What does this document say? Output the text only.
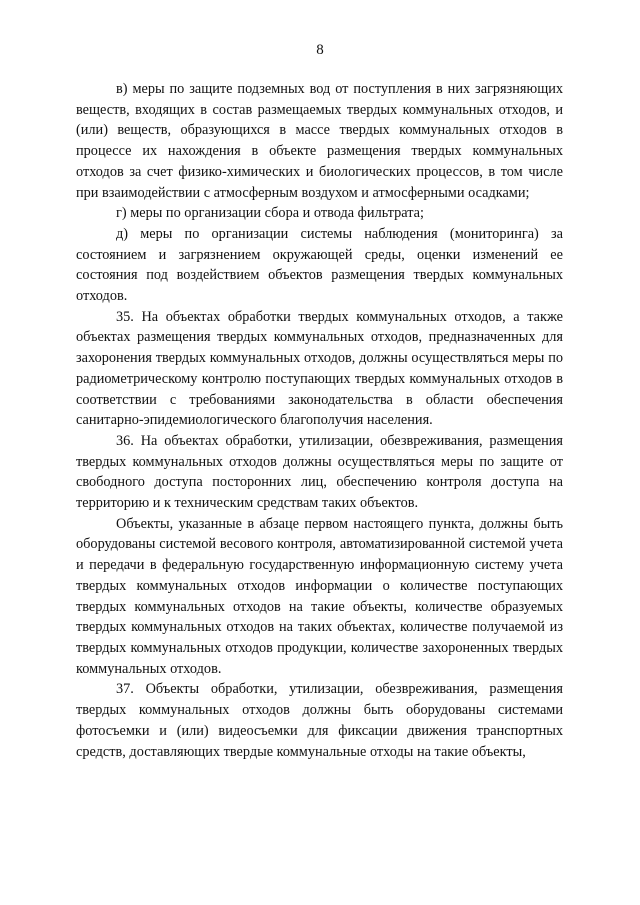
8

в) меры по защите подземных вод от поступления в них загрязняющих веществ, входящих в состав размещаемых твердых коммунальных отходов, и (или) веществ, образующихся в массе твердых коммунальных отходов в процессе их нахождения в объекте размещения твердых коммунальных отходов за счет физико-химических и биологических процессов, в том числе при взаимодействии с атмосферным воздухом и атмосферными осадками;

г) меры по организации сбора и отвода фильтрата;

д) меры по организации системы наблюдения (мониторинга) за состоянием и загрязнением окружающей среды, оценки изменений ее состояния под воздействием объектов размещения твердых коммунальных отходов.

35. На объектах обработки твердых коммунальных отходов, а также объектах размещения твердых коммунальных отходов, предназначенных для захоронения твердых коммунальных отходов, должны осуществляться меры по радиометрическому контролю поступающих твердых коммунальных отходов в соответствии с требованиями законодательства в области обеспечения санитарно-эпидемиологического благополучия населения.

36. На объектах обработки, утилизации, обезвреживания, размещения твердых коммунальных отходов должны осуществляться меры по защите от свободного доступа посторонних лиц, обеспечению контроля доступа на территорию и к техническим средствам таких объектов.

Объекты, указанные в абзаце первом настоящего пункта, должны быть оборудованы системой весового контроля, автоматизированной системой учета и передачи в федеральную государственную информационную систему учета твердых коммунальных отходов информации о количестве поступающих твердых коммунальных отходов на такие объекты, количестве образуемых твердых коммунальных отходов на таких объектах, количестве получаемой из твердых коммунальных отходов продукции, количестве захороненных твердых коммунальных отходов.

37. Объекты обработки, утилизации, обезвреживания, размещения твердых коммунальных отходов должны быть оборудованы системами фотосъемки и (или) видеосъемки для фиксации движения транспортных средств, доставляющих твердые коммунальные отходы на такие объекты,
